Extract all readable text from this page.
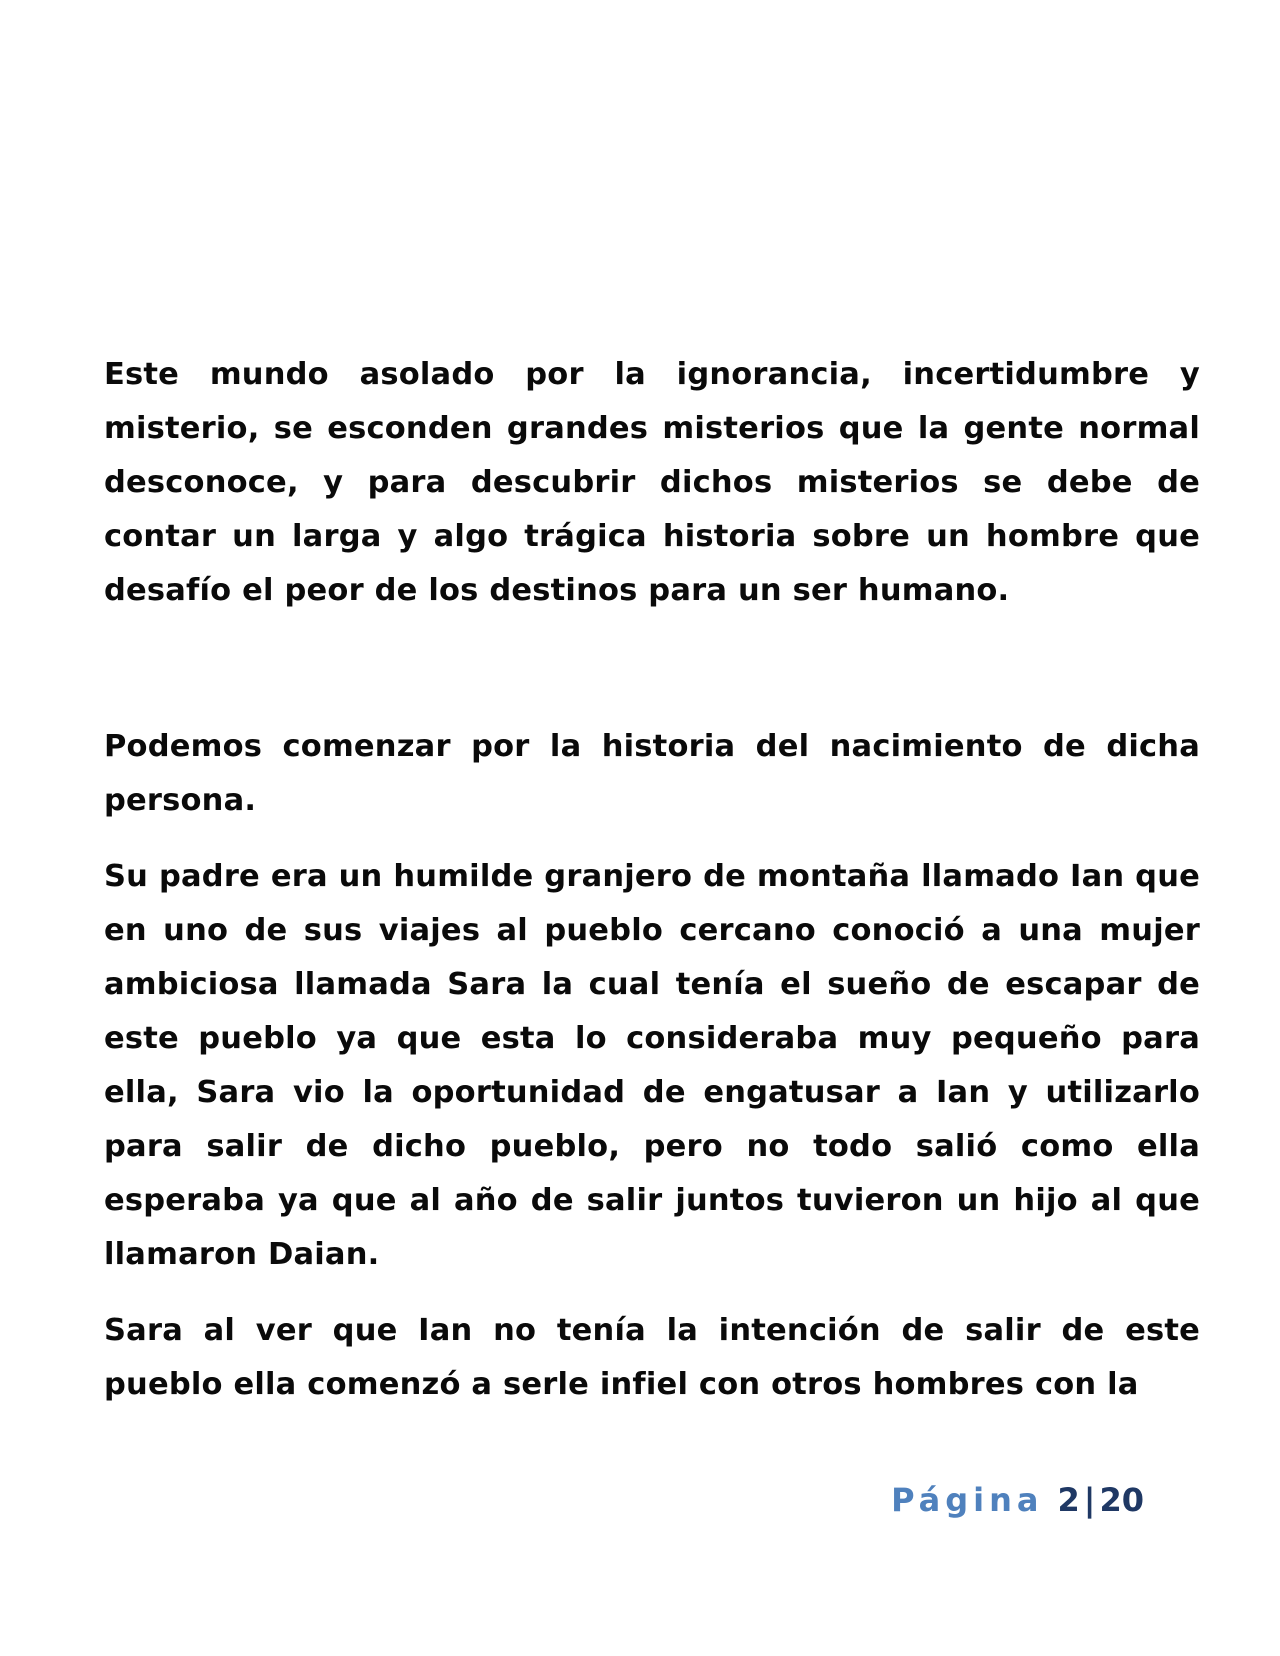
Este mundo asolado por la ignorancia, incertidumbre y misterio, se esconden grandes misterios que la gente normal desconoce, y para descubrir dichos misterios se debe de contar un larga y algo trágica historia sobre un hombre que desafío el peor de los destinos para un ser humano.

Podemos comenzar por la historia del nacimiento de dicha persona.

Su padre era un humilde granjero de montaña llamado Ian que en uno de sus viajes al pueblo cercano conoció a una mujer ambiciosa llamada Sara la cual tenía el sueño de escapar de este pueblo ya que esta lo consideraba muy pequeño para ella, Sara vio la oportunidad de engatusar a Ian y utilizarlo para salir de dicho pueblo, pero no todo salió como ella esperaba ya que al año de salir juntos tuvieron un hijo al que llamaron Daian.

Sara al ver que Ian no tenía la intención de salir de este pueblo ella comenzó a serle infiel con otros hombres con la

Página 2 | 20
